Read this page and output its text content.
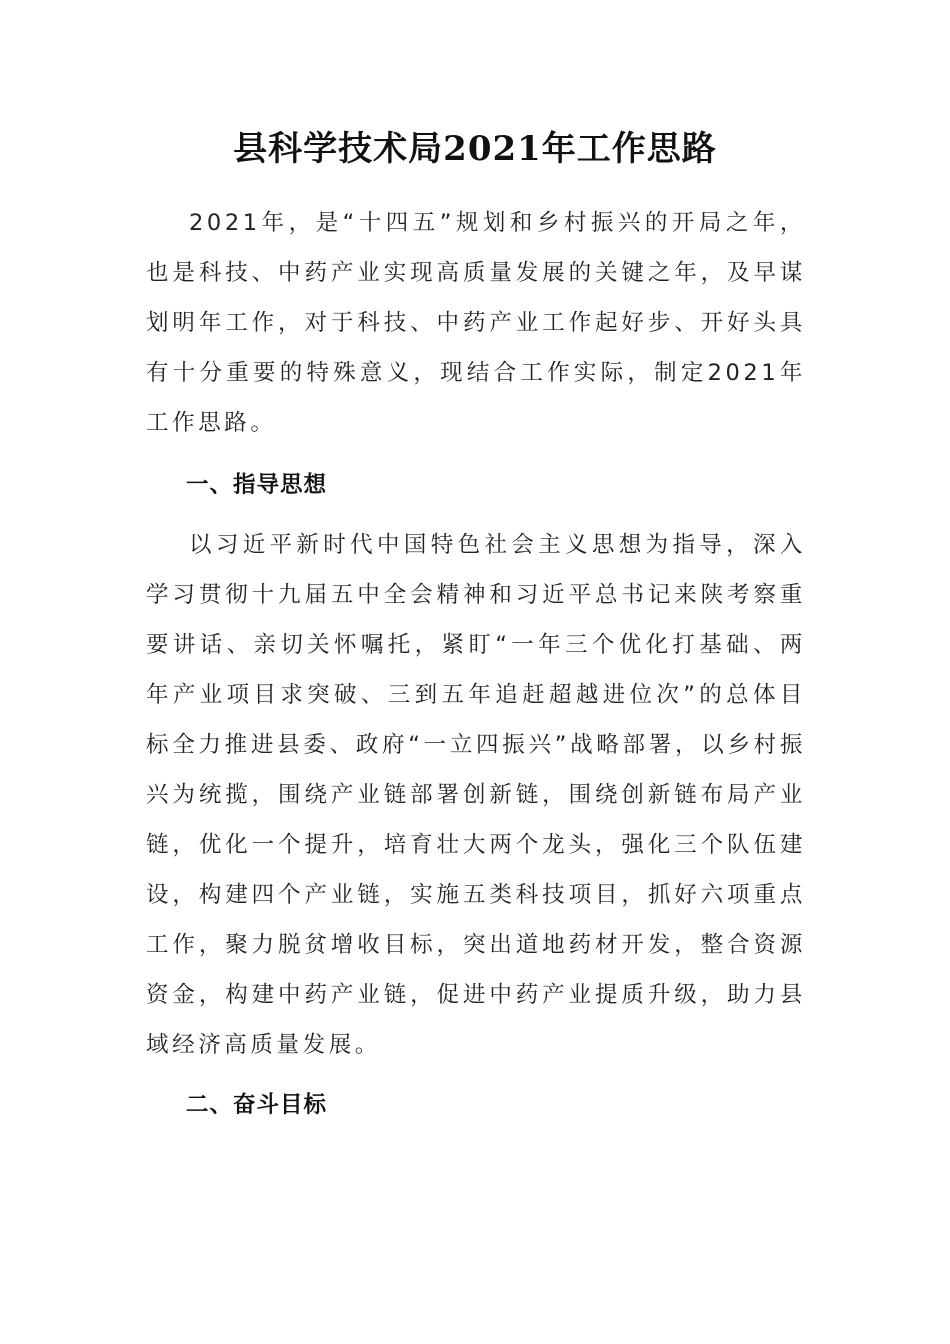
县科学技术局2021年工作思路

2021年，是“十四五”规划和乡村振兴的开局之年，也是科技、中药产业实现高质量发展的关键之年，及早谋划明年工作，对于科技、中药产业工作起好步、开好头具有十分重要的特殊意义，现结合工作实际，制定2021年工作思路。

一、指导思想

以习近平新时代中国特色社会主义思想为指导，深入学习贯彻十九届五中全会精神和习近平总书记来陕考察重要讲话、亲切关怀嘱托，紧盯“一年三个优化打基础、两年产业项目求突破、三到五年追赶超越进位次”的总体目标全力推进县委、政府“一立四振兴”战略部署，以乡村振兴为统揽，围绕产业链部署创新链，围绕创新链布局产业链，优化一个提升，培育壮大两个龙头，强化三个队伍建设，构建四个产业链，实施五类科技项目，抓好六项重点工作，聚力脱贫增收目标，突出道地药材开发，整合资源资金，构建中药产业链，促进中药产业提质升级，助力县域经济高质量发展。

二、奋斗目标
